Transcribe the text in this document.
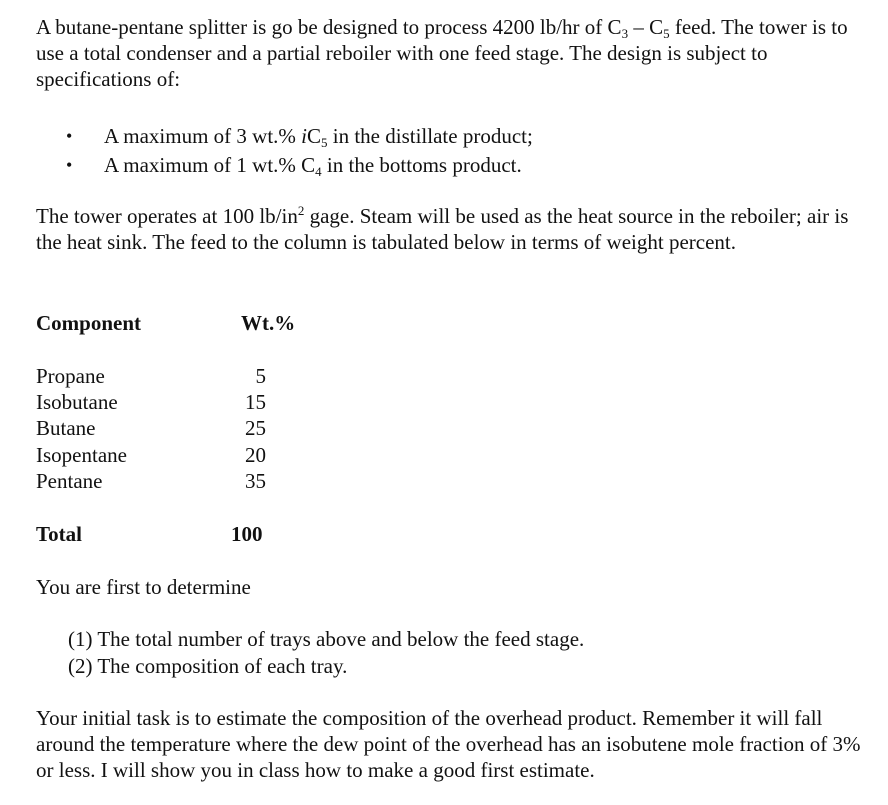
A butane-pentane splitter is go be designed to process 4200 lb/hr of $C_3 - C_5$ feed. The tower is to use a total condenser and a partial reboiler with one feed stage. The design is subject to specifications of:

• A maximum of 3 wt.% $iC_5$ in the distillate product;
• A maximum of 1 wt.% $C_4$ in the bottoms product.

The tower operates at 100 $lb/in^2$ gage. Steam will be used as the heat source in the reboiler; air is the heat sink. The feed to the column is tabulated below in terms of weight percent.

Component	Wt.%
Propane	5
Isobutane	15
Butane	25
Isopentane	20
Pentane	35
Total	100

You are first to determine

(1) The total number of trays above and below the feed stage.
(2) The composition of each tray.

Your initial task is to estimate the composition of the overhead product. Remember it will fall around the temperature where the dew point of the overhead has an isobutene mole fraction of 3% or less. I will show you in class how to make a good first estimate.
